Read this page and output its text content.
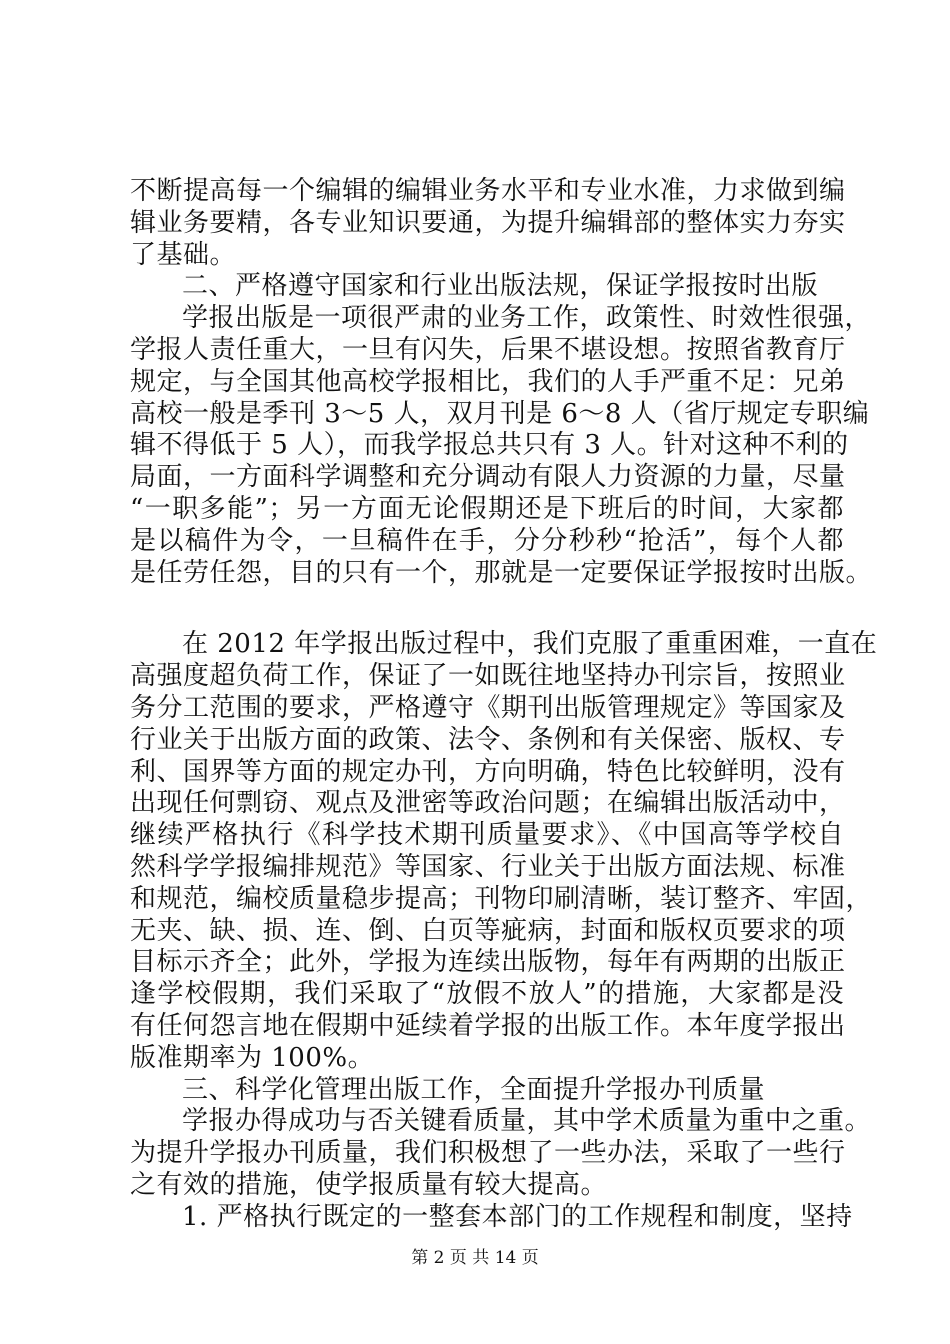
不断提高每一个编辑的编辑业务水平和专业水准，力求做到编
辑业务要精，各专业知识要通，为提升编辑部的整体实力夯实
了基础。
二、严格遵守国家和行业出版法规，保证学报按时出版
学报出版是一项很严肃的业务工作，政策性、时效性很强，
学报人责任重大，一旦有闪失，后果不堪设想。按照省教育厅
规定，与全国其他高校学报相比，我们的人手严重不足：兄弟
高校一般是季刊 3～5 人，双月刊是 6～8 人（省厅规定专职编
辑不得低于 5 人），而我学报总共只有 3 人。针对这种不利的
局面，一方面科学调整和充分调动有限人力资源的力量，尽量
“一职多能”；另一方面无论假期还是下班后的时间，大家都
是以稿件为令，一旦稿件在手，分分秒秒“抢活”，每个人都
是任劳任怨，目的只有一个，那就是一定要保证学报按时出版。
在 2012 年学报出版过程中，我们克服了重重困难，一直在
高强度超负荷工作，保证了一如既往地坚持办刊宗旨，按照业
务分工范围的要求，严格遵守《期刊出版管理规定》等国家及
行业关于出版方面的政策、法令、条例和有关保密、版权、专
利、国界等方面的规定办刊，方向明确，特色比较鲜明，没有
出现任何剽窃、观点及泄密等政治问题；在编辑出版活动中，
继续严格执行《科学技术期刊质量要求》、《中国高等学校自
然科学学报编排规范》等国家、行业关于出版方面法规、标准
和规范，编校质量稳步提高；刊物印刷清晰，装订整齐、牢固，
无夹、缺、损、连、倒、白页等疵病，封面和版权页要求的项
目标示齐全；此外，学报为连续出版物，每年有两期的出版正
逢学校假期，我们采取了“放假不放人”的措施，大家都是没
有任何怨言地在假期中延续着学报的出版工作。本年度学报出
版准期率为 100%。
三、科学化管理出版工作，全面提升学报办刊质量
学报办得成功与否关键看质量，其中学术质量为重中之重。
为提升学报办刊质量，我们积极想了一些办法，采取了一些行
之有效的措施，使学报质量有较大提高。
1. 严格执行既定的一整套本部门的工作规程和制度，坚持
第 2 页 共 14 页
